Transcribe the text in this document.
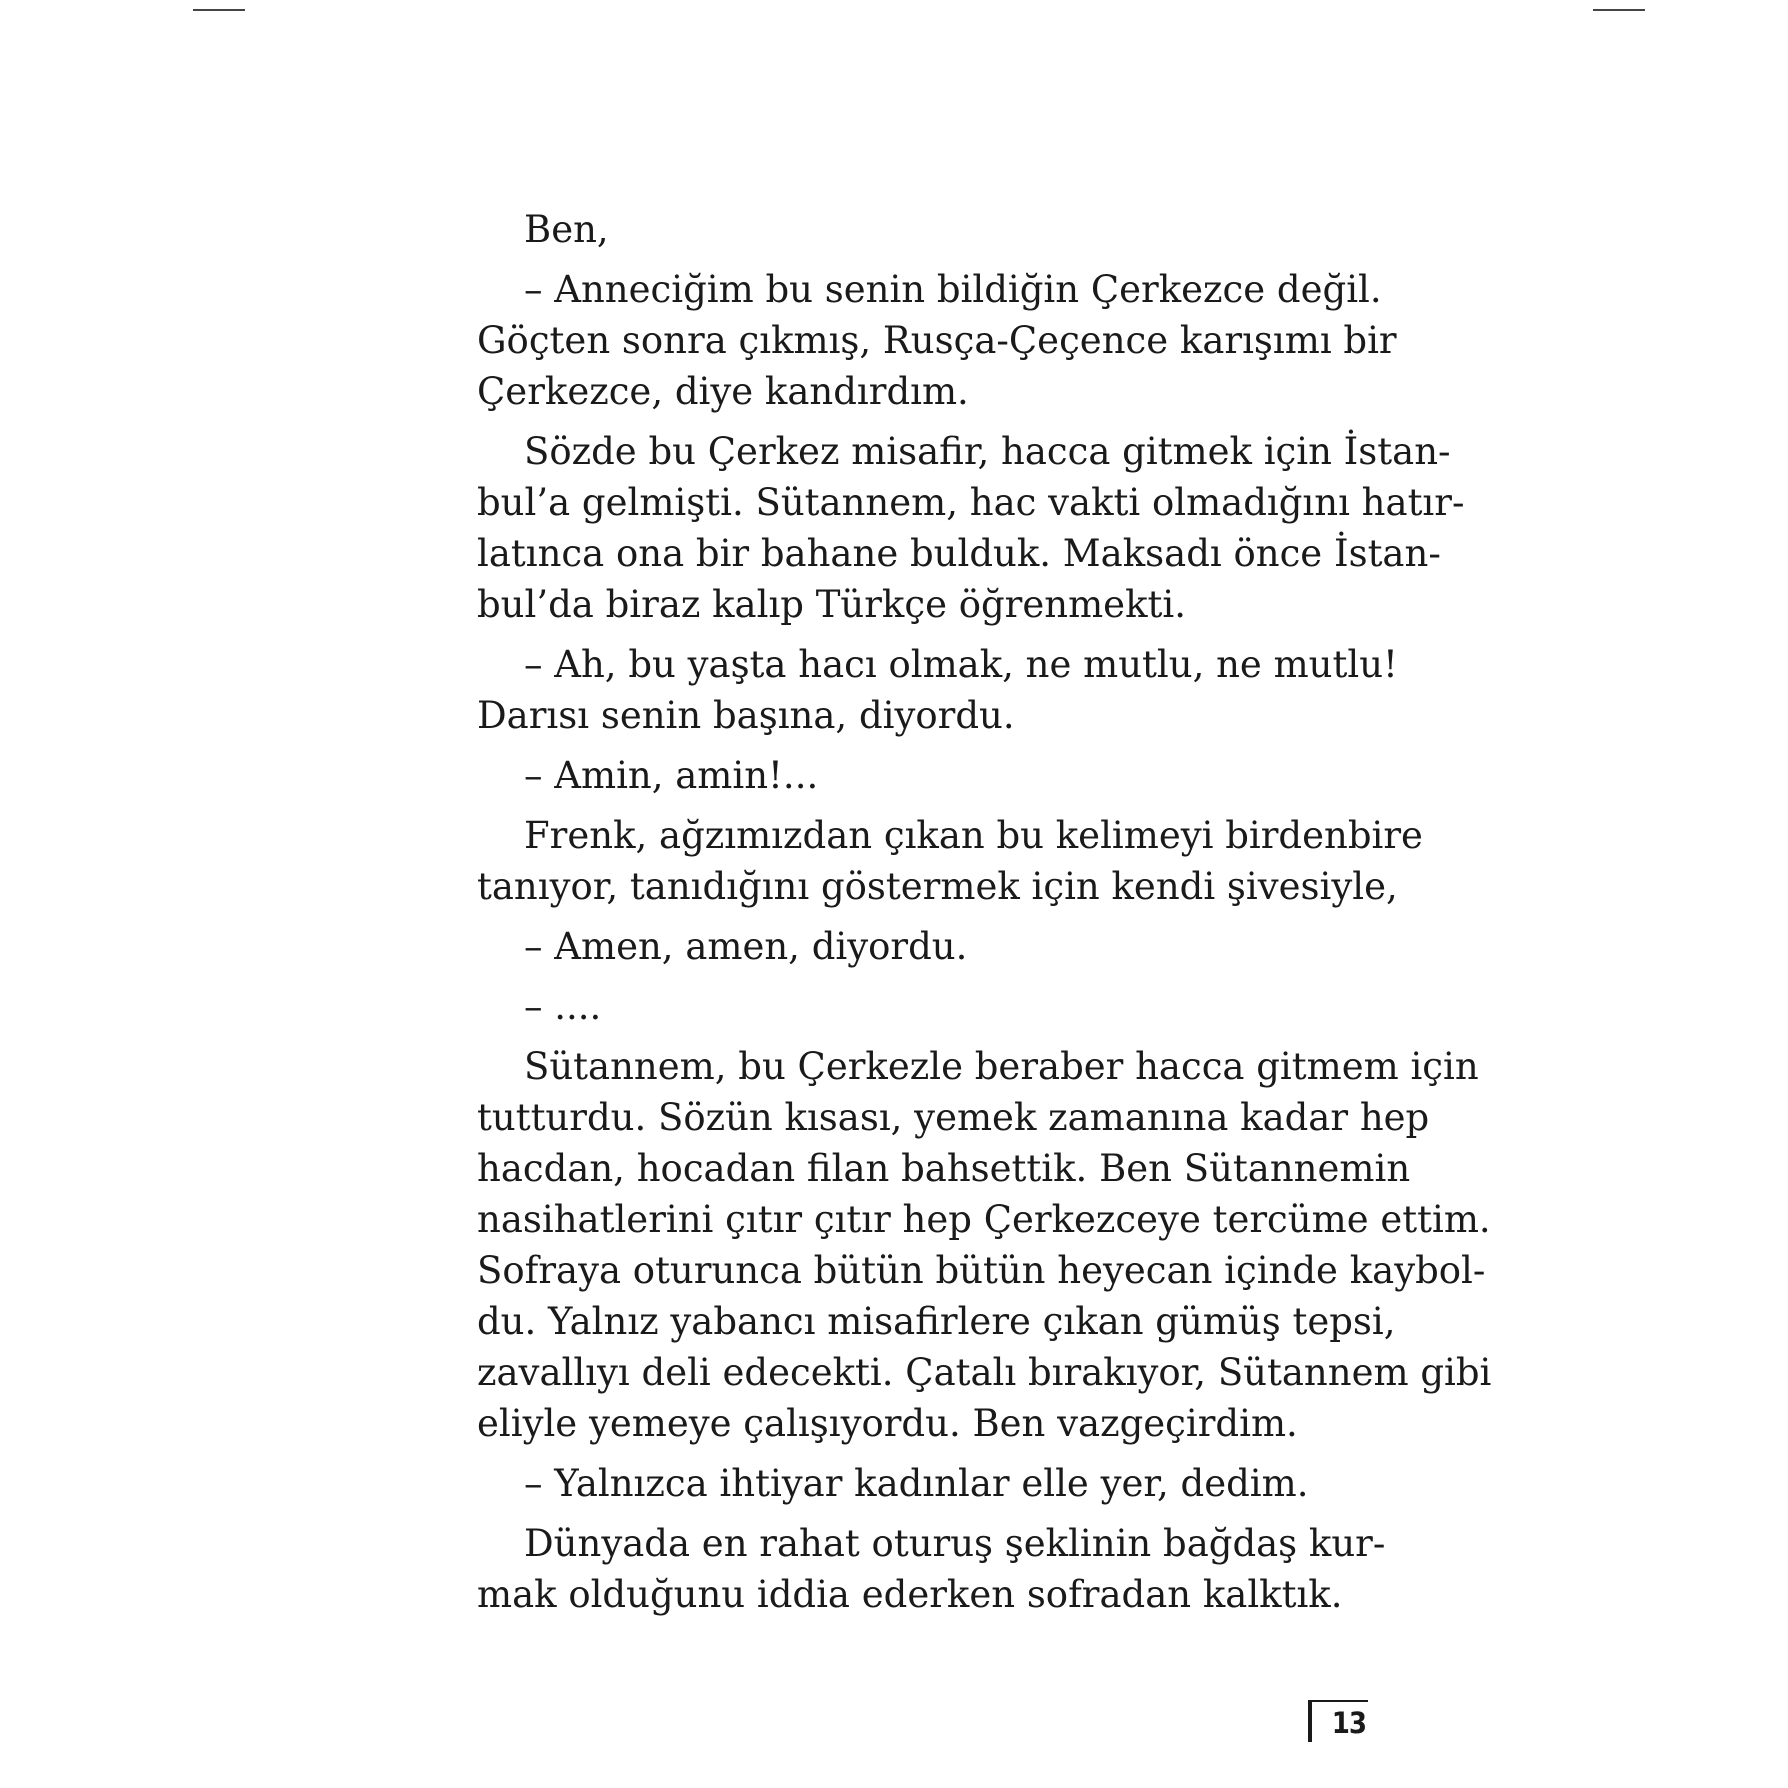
Ben,

– Anneciğim bu senin bildiğin Çerkezce değil.
Göçten sonra çıkmış, Rusça-Çeçence karışımı bir
Çerkezce, diye kandırdım.

Sözde bu Çerkez misafir, hacca gitmek için İstan-
bul’a gelmişti. Sütannem, hac vakti olmadığını hatır-
latınca ona bir bahane bulduk. Maksadı önce İstan-
bul’da biraz kalıp Türkçe öğrenmekti.

– Ah, bu yaşta hacı olmak, ne mutlu, ne mutlu!
Darısı senin başına, diyordu.

– Amin, amin!...

Frenk, ağzımızdan çıkan bu kelimeyi birdenbire
tanıyor, tanıdığını göstermek için kendi şivesiyle,

– Amen, amen, diyordu.

– ....

Sütannem, bu Çerkezle beraber hacca gitmem için
tutturdu. Sözün kısası, yemek zamanına kadar hep
hacdan, hocadan filan bahsettik. Ben Sütannemin
nasihatlerini çıtır çıtır hep Çerkezceye tercüme ettim.
Sofraya oturunca bütün bütün heyecan içinde kaybol-
du. Yalnız yabancı misafirlere çıkan gümüş tepsi,
zavallıyı deli edecekti. Çatalı bırakıyor, Sütannem gibi
eliyle yemeye çalışıyordu. Ben vazgeçirdim.

– Yalnızca ihtiyar kadınlar elle yer, dedim.

Dünyada en rahat oturuş şeklinin bağdaş kur-
mak olduğunu iddia ederken sofradan kalktık.

13
